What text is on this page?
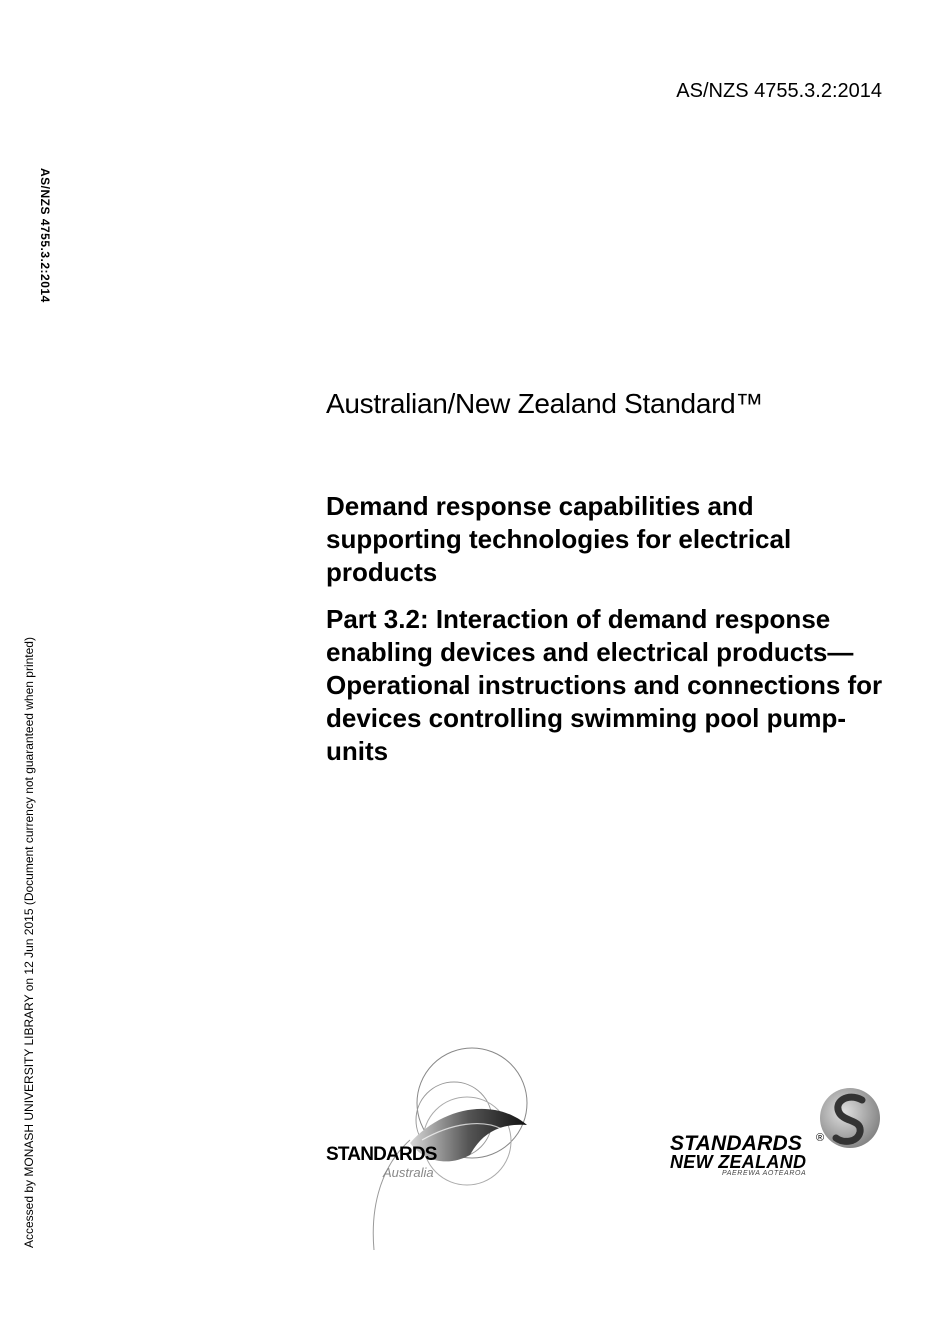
AS/NZS 4755.3.2:2014
AS/NZS 4755.3.2:2014
Accessed by MONASH UNIVERSITY LIBRARY on 12 Jun 2015 (Document currency not guaranteed when printed)
Australian/New Zealand Standard™
Demand response capabilities and supporting technologies for electrical products
Part 3.2: Interaction of demand response enabling devices and electrical products—Operational instructions and connections for devices controlling swimming pool pump-units
STANDARDS
Australia
STANDARDS ®
NEW ZEALAND
PAEREWA AOTEAROA
